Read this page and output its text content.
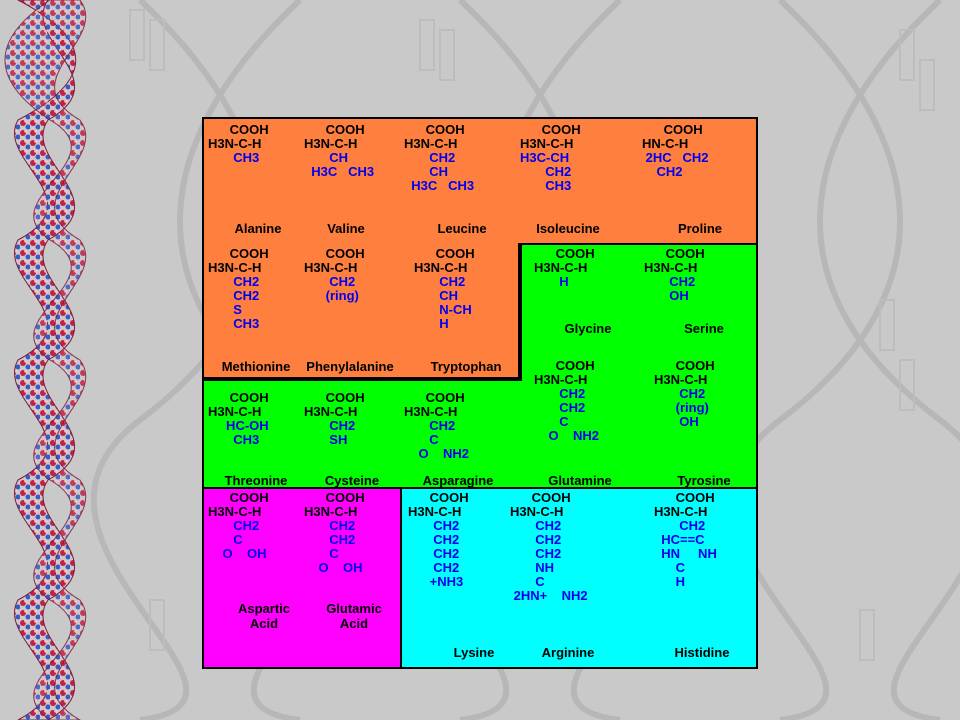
COOH
H3N-C-H
CH3
Alanine
COOH
H3N-C-H
CH
H3C   CH3
Valine
COOH
H3N-C-H
CH2
CH
H3C   CH3
Leucine
COOH
H3N-C-H
H3C-CH
CH2
CH3
Isoleucine
COOH
HN-C-H
2HC   CH2
CH2
Proline
COOH
H3N-C-H
CH2
CH2
S
CH3
Methionine
COOH
H3N-C-H
CH2
(ring)
Phenylalanine
COOH
H3N-C-H
CH2
CH
N-CH
H
Tryptophan
COOH
H3N-C-H
H
Glycine
COOH
H3N-C-H
CH2
OH
Serine
COOH
H3N-C-H
HC-OH
CH3
Threonine
COOH
H3N-C-H
CH2
SH
Cysteine
COOH
H3N-C-H
CH2
C
O    NH2
Asparagine
COOH
H3N-C-H
CH2
CH2
C
O    NH2
Glutamine
COOH
H3N-C-H
CH2
(ring)
OH
Tyrosine
COOH
H3N-C-H
CH2
C
O    OH
Aspartic
Acid
COOH
H3N-C-H
CH2
CH2
C
O    OH
Glutamic
Acid
COOH
H3N-C-H
CH2
CH2
CH2
CH2
+NH3
Lysine
COOH
H3N-C-H
CH2
CH2
CH2
NH
C
2HN+    NH2
Arginine
COOH
H3N-C-H
CH2
HC==C
HN     NH
C
H
Histidine
